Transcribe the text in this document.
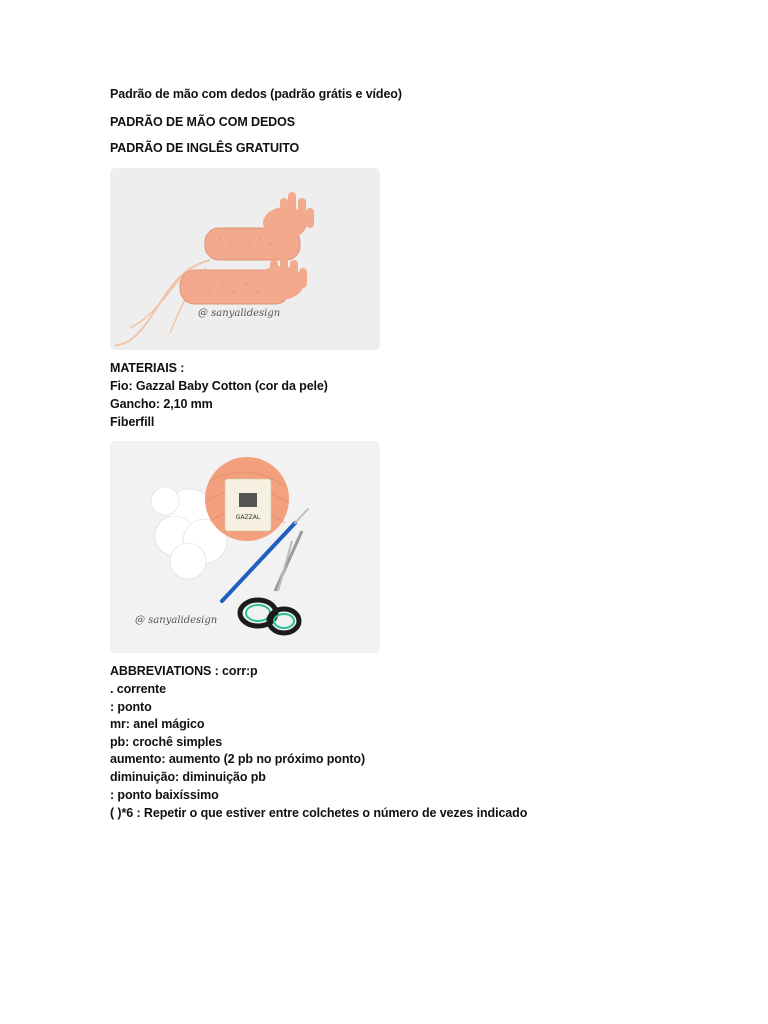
Padrão de mão com dedos (padrão grátis e vídeo)
PADRÃO DE MÃO COM DEDOS
PADRÃO DE INGLÊS GRATUITO
@ sanyalidesign
MATERIAIS :
Fio: Gazzal Baby Cotton (cor da pele)
Gancho: 2,10 mm
Fiberfill
GAZZAL
@ sanyalidesign
ABBREVIATIONS : corr:p
. corrente
: ponto
mr: anel mágico
pb: crochê simples
aumento: aumento (2 pb no próximo ponto)
diminuição: diminuição pb
: ponto baixíssimo
( )*6 : Repetir o que estiver entre colchetes o número de vezes indicado
